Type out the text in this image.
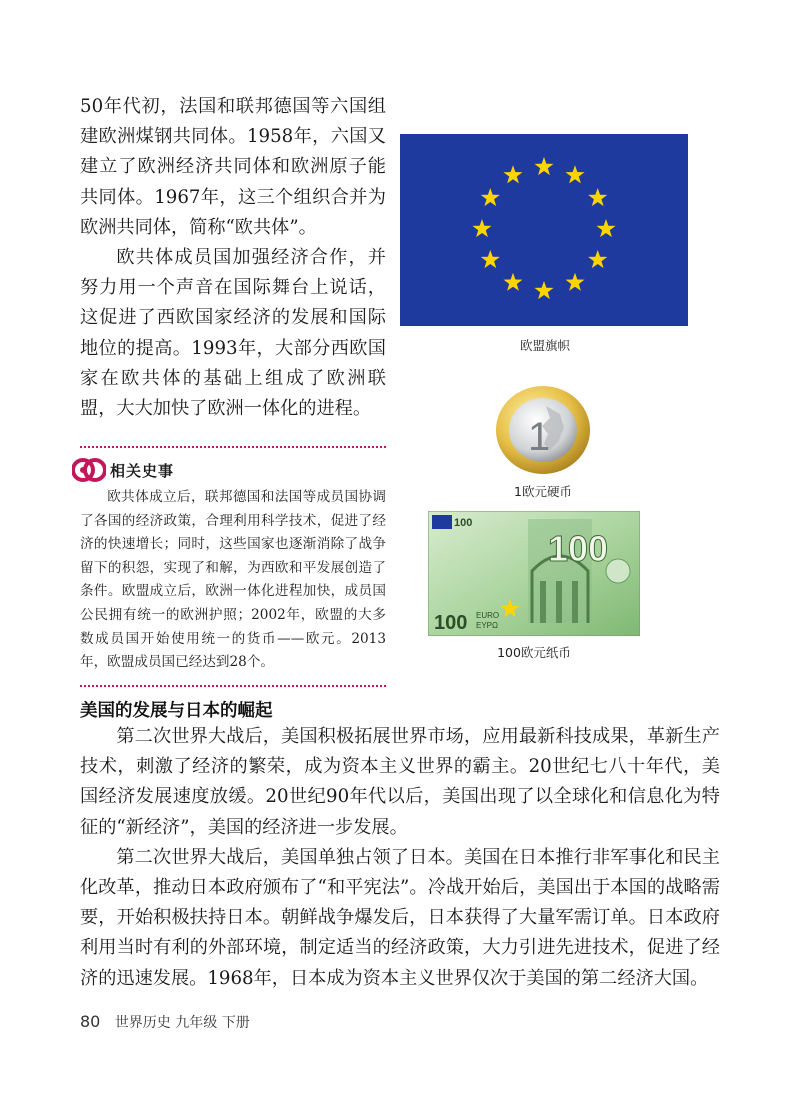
50年代初，法国和联邦德国等六国组建欧洲煤钢共同体。1958年，六国又建立了欧洲经济共同体和欧洲原子能共同体。1967年，这三个组织合并为欧洲共同体，简称“欧共体”。

欧共体成员国加强经济合作，并努力用一个声音在国际舞台上说话，这促进了西欧国家经济的发展和国际地位的提高。1993年，大部分西欧国家在欧共体的基础上组成了欧洲联盟，大大加快了欧洲一体化的进程。

欧盟旗帜
1
1欧元硬币
100
100
100 EURO
EYPΩ
100欧元纸币
相关史事

欧共体成立后，联邦德国和法国等成员国协调了各国的经济政策，合理利用科学技术，促进了经济的快速增长；同时，这些国家也逐渐消除了战争留下的积怨，实现了和解，为西欧和平发展创造了条件。欧盟成立后，欧洲一体化进程加快，成员国公民拥有统一的欧洲护照；2002年，欧盟的大多数成员国开始使用统一的货币——欧元。2013年，欧盟成员国已经达到28个。

美国的发展与日本的崛起

第二次世界大战后，美国积极拓展世界市场，应用最新科技成果，革新生产技术，刺激了经济的繁荣，成为资本主义世界的霸主。20世纪七八十年代，美国经济发展速度放缓。20世纪90年代以后，美国出现了以全球化和信息化为特征的“新经济”，美国的经济进一步发展。

第二次世界大战后，美国单独占领了日本。美国在日本推行非军事化和民主化改革，推动日本政府颁布了“和平宪法”。冷战开始后，美国出于本国的战略需要，开始积极扶持日本。朝鲜战争爆发后，日本获得了大量军需订单。日本政府利用当时有利的外部环境，制定适当的经济政策，大力引进先进技术，促进了经济的迅速发展。1968年，日本成为资本主义世界仅次于美国的第二经济大国。

80 世界历史 九年级 下册
